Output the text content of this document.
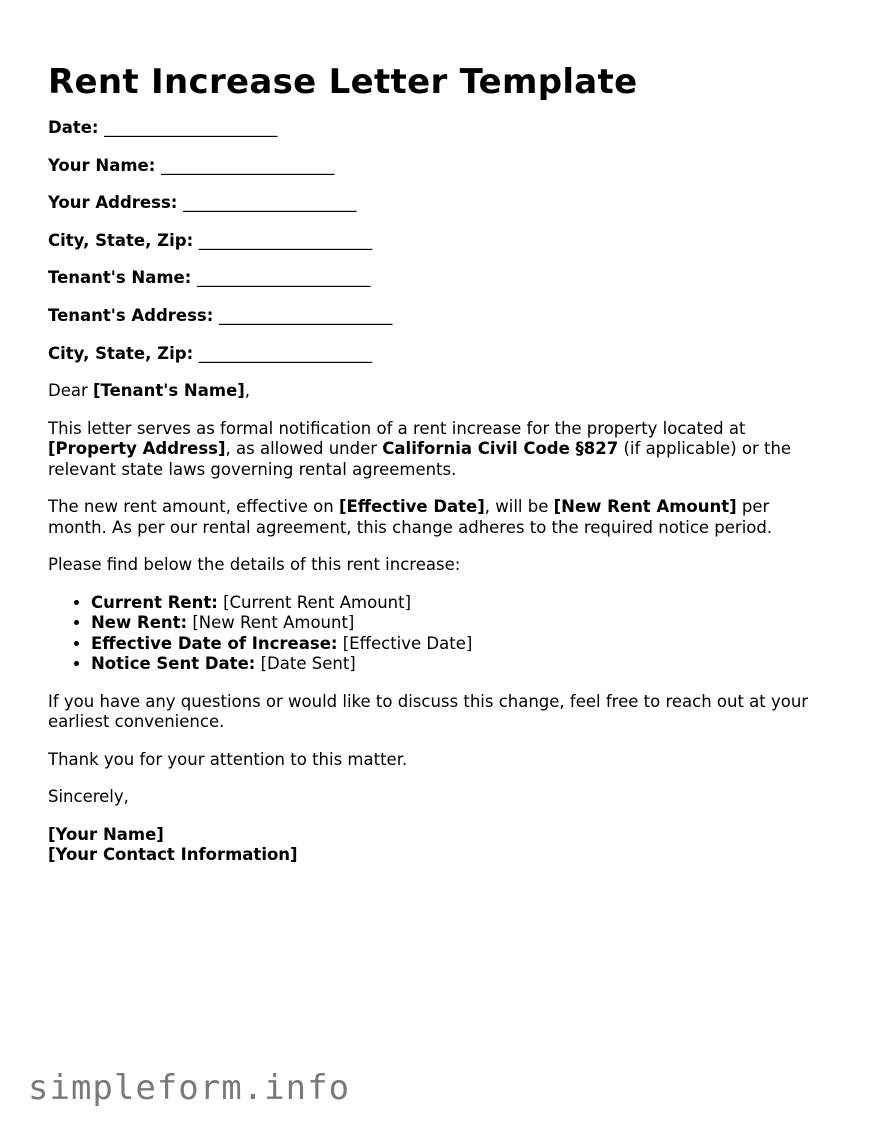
Rent Increase Letter Template
Date: _____________________
Your Name: _____________________
Your Address: _____________________
City, State, Zip: _____________________
Tenant's Name: _____________________
Tenant's Address: _____________________
City, State, Zip: _____________________

Dear [Tenant's Name],

This letter serves as formal notification of a rent increase for the property located at [Property Address], as allowed under California Civil Code §827 (if applicable) or the relevant state laws governing rental agreements.

The new rent amount, effective on [Effective Date], will be [New Rent Amount] per month. As per our rental agreement, this change adheres to the required notice period.

Please find below the details of this rent increase:

• Current Rent: [Current Rent Amount]
• New Rent: [New Rent Amount]
• Effective Date of Increase: [Effective Date]
• Notice Sent Date: [Date Sent]

If you have any questions or would like to discuss this change, feel free to reach out at your earliest convenience.

Thank you for your attention to this matter.

Sincerely,

[Your Name]
[Your Contact Information]
simpleform.info
